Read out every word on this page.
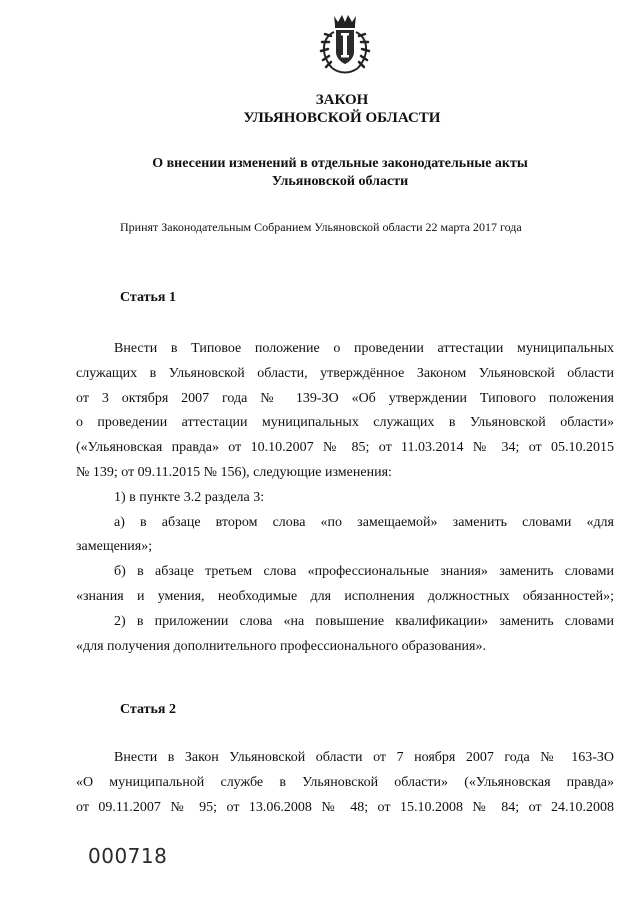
ЗАКОН
УЛЬЯНОВСКОЙ ОБЛАСТИ
О внесении изменений в отдельные законодательные акты
Ульяновской области
Принят Законодательным Собранием Ульяновской области 22 марта 2017 года
Статья 1
Внести в Типовое положение о проведении аттестации муниципальных
служащих в Ульяновской области, утверждённое Законом Ульяновской области
от 3 октября 2007 года № 139-ЗО «Об утверждении Типового положения
о проведении аттестации муниципальных служащих в Ульяновской области»
(«Ульяновская правда» от 10.10.2007 № 85; от 11.03.2014 № 34; от 05.10.2015
№ 139; от 09.11.2015 № 156), следующие изменения:
1) в пункте 3.2 раздела 3:
а) в абзаце втором слова «по замещаемой» заменить словами «для
замещения»;
б) в абзаце третьем слова «профессиональные знания» заменить словами
«знания и умения, необходимые для исполнения должностных обязанностей»;
2) в приложении слова «на повышение квалификации» заменить словами
«для получения дополнительного профессионального образования».
Статья 2
Внести в Закон Ульяновской области от 7 ноября 2007 года № 163-ЗО
«О муниципальной службе в Ульяновской области» («Ульяновская правда»
от 09.11.2007 № 95; от 13.06.2008 № 48; от 15.10.2008 № 84; от 24.10.2008
000718
